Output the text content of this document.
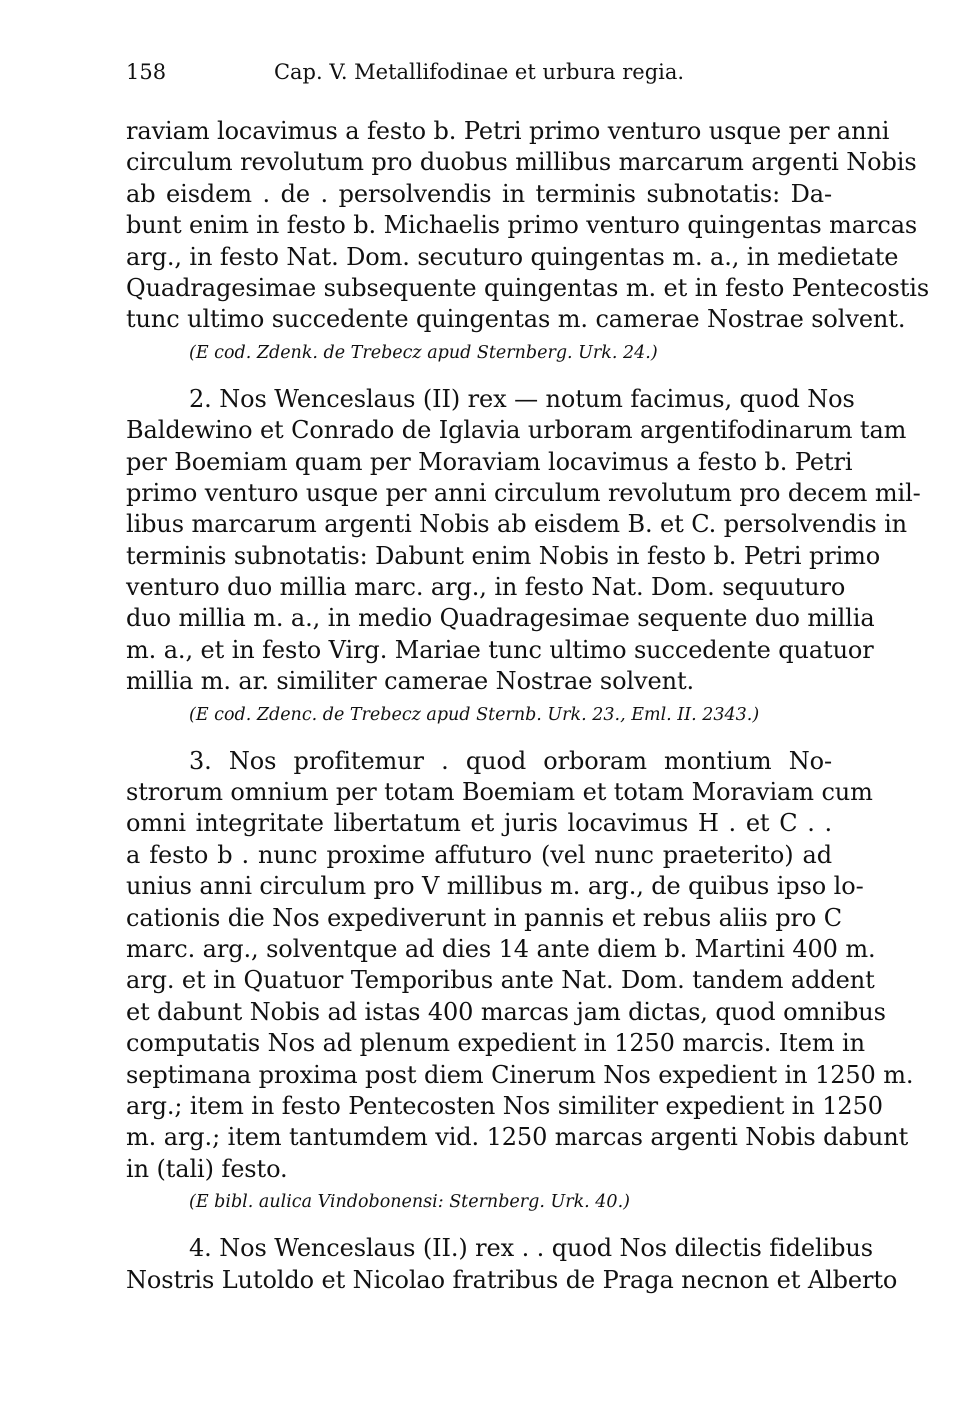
158	Cap. V. Metallifodinae et urbura regia.
raviam locavimus a festo b. Petri primo venturo usque per anni
circulum revolutum pro duobus millibus marcarum argenti Nobis
ab eisdem . de . persolvendis in terminis subnotatis: Da-
bunt enim in festo b. Michaelis primo venturo quingentas marcas
arg., in festo Nat. Dom. secuturo quingentas m. a., in medietate
Quadragesimae subsequente quingentas m. et in festo Pentecostis
tunc ultimo succedente quingentas m. camerae Nostrae solvent.
(E cod. Zdenk. de Trebecz apud Sternberg. Urk. 24.)
2. Nos Wenceslaus (II) rex — notum facimus, quod Nos
Baldewino et Conrado de Iglavia urboram argentifodinarum tam
per Boemiam quam per Moraviam locavimus a festo b. Petri
primo venturo usque per anni circulum revolutum pro decem mil-
libus marcarum argenti Nobis ab eisdem B. et C. persolvendis in
terminis subnotatis: Dabunt enim Nobis in festo b. Petri primo
venturo duo millia marc. arg., in festo Nat. Dom. sequuturo
duo millia m. a., in medio Quadragesimae sequente duo millia
m. a., et in festo Virg. Mariae tunc ultimo succedente quatuor
millia m. ar. similiter camerae Nostrae solvent.
(E cod. Zdenc. de Trebecz apud Sternb. Urk. 23., Eml. II. 2343.)
3. Nos profitemur . quod orboram montium No-
strorum omnium per totam Boemiam et totam Moraviam cum
omni integritate libertatum et juris locavimus H . et C . .
a festo b . nunc proxime affuturo (vel nunc praeterito) ad
unius anni circulum pro V millibus m. arg., de quibus ipso lo-
cationis die Nos expediverunt in pannis et rebus aliis pro C
marc. arg., solventque ad dies 14 ante diem b. Martini 400 m.
arg. et in Quatuor Temporibus ante Nat. Dom. tandem addent
et dabunt Nobis ad istas 400 marcas jam dictas, quod omnibus
computatis Nos ad plenum expedient in 1250 marcis. Item in
septimana proxima post diem Cinerum Nos expedient in 1250 m.
arg.; item in festo Pentecosten Nos similiter expedient in 1250
m. arg.; item tantumdem vid. 1250 marcas argenti Nobis dabunt
in (tali) festo.
(E bibl. aulica Vindobonensi: Sternberg. Urk. 40.)
4. Nos Wenceslaus (II.) rex . . quod Nos dilectis fidelibus
Nostris Lutoldo et Nicolao fratribus de Praga necnon et Alberto
